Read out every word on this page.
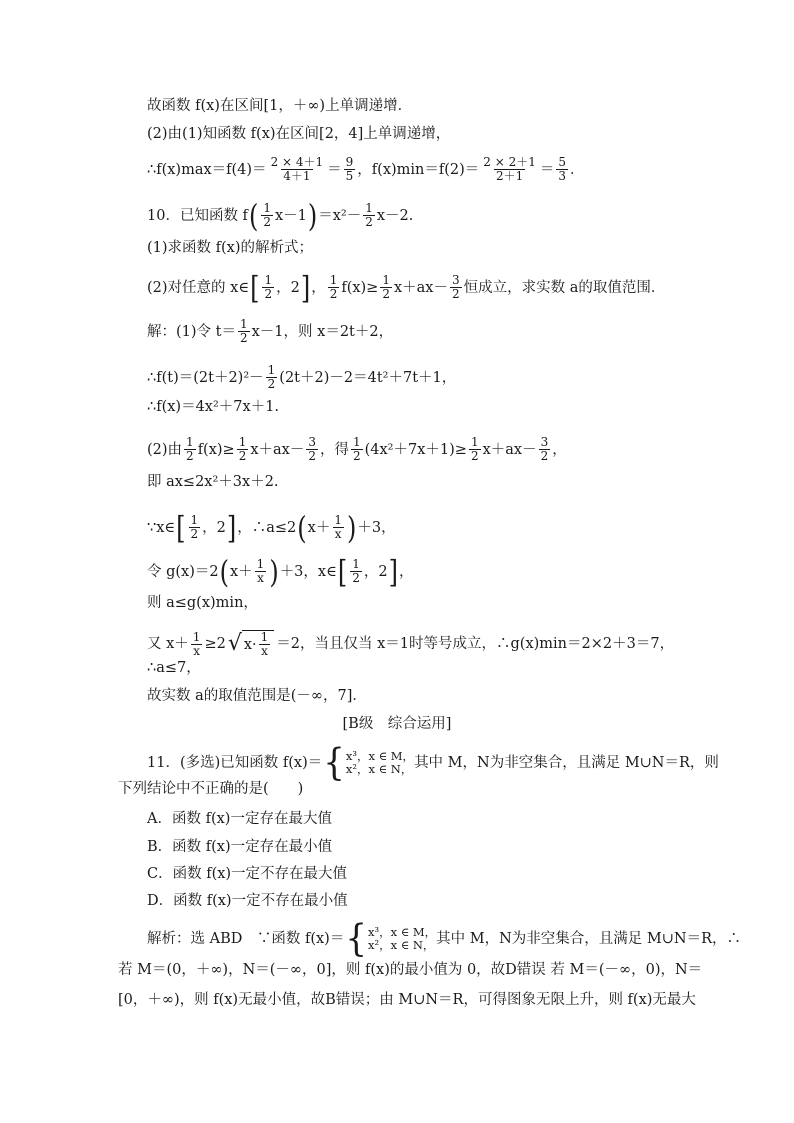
故函数 f(x)在区间[1，＋∞)上单调递增．
(2)由(1)知函数 f(x)在区间[2，4]上单调递增，
∴f(x)max＝f(4)＝ $\frac{2 \times 4+1}{4+1} = \frac{9}{5}$ ，$f(x)\min=f(2)= \frac{2 \times 2+1}{2+1} = \frac{5}{3}$ ．
10．已知函数 f ( $\frac{1}{2} x-1$ ) $=x^2- \frac{1}{2} x-2$.
(1)求函数 f(x)的解析式；
(2)对任意的 x∈ [ $\frac{1}{2}$ ，2 ] ， $\frac{1}{2} f(x)\ge \frac{1}{2} x+ax- \frac{3}{2}$ 恒成立，求实数 a的取值范围．
解：(1)令 $t= \frac{1}{2} x-1$，则 x＝2t＋2，
∴f(t)＝(2t＋2)²－ $\frac{1}{2} (2t+2)-2=4t^2+7t+1$，
∴f(x)＝4x²＋7x＋1.
(2)由 $\frac{1}{2} f(x)\ge \frac{1}{2} x+ax- \frac{3}{2}$ ，得 $\frac{1}{2} (4x^2+7x+1)\ge \frac{1}{2} x+ax- \frac{3}{2}$ ，
即 ax≤2x²＋3x＋2.
∵x∈ [ $\frac{1}{2}$ ，2 ] ，∴a≤2 ( $x+ \frac{1}{x}$ ) ＋3，
令 g(x)＝2 ( $x+ \frac{1}{x}$ ) ＋3，x∈ [ $\frac{1}{2}$ ，2 ] ，
则 a≤g(x)min，
又 $x+ \frac{1}{x} \ge 2$ √ $x\cdot \frac{1}{x} =2$，当且仅当 x＝1时等号成立，∴g(x)min＝2×2＋3＝7，
∴a≤7，
故实数 a的取值范围是(－∞，7]．
[B级　综合运用]
11．(多选)已知函数 f(x)＝ { x³，x ∈ M，
x²，x ∈ N， 其中 M，N为非空集合，且满足 M∪N＝R，则
下列结论中不正确的是(　　)
A．函数 f(x)一定存在最大值
B．函数 f(x)一定存在最小值
C．函数 f(x)一定不存在最大值
D．函数 f(x)一定不存在最小值
解析：选 ABD　∵函数 f(x)＝ { x³，x ∈ M，
x²，x ∈ N， 其中 M，N为非空集合，且满足 M∪N＝R，∴
若 M＝(0，＋∞)，N＝(－∞，0]，则 f(x)的最小值为 0，故D错误 若 M＝(－∞，0)，N＝
[0，＋∞)，则 f(x)无最小值，故B错误；由 M∪N＝R，可得图象无限上升，则 f(x)无最大
